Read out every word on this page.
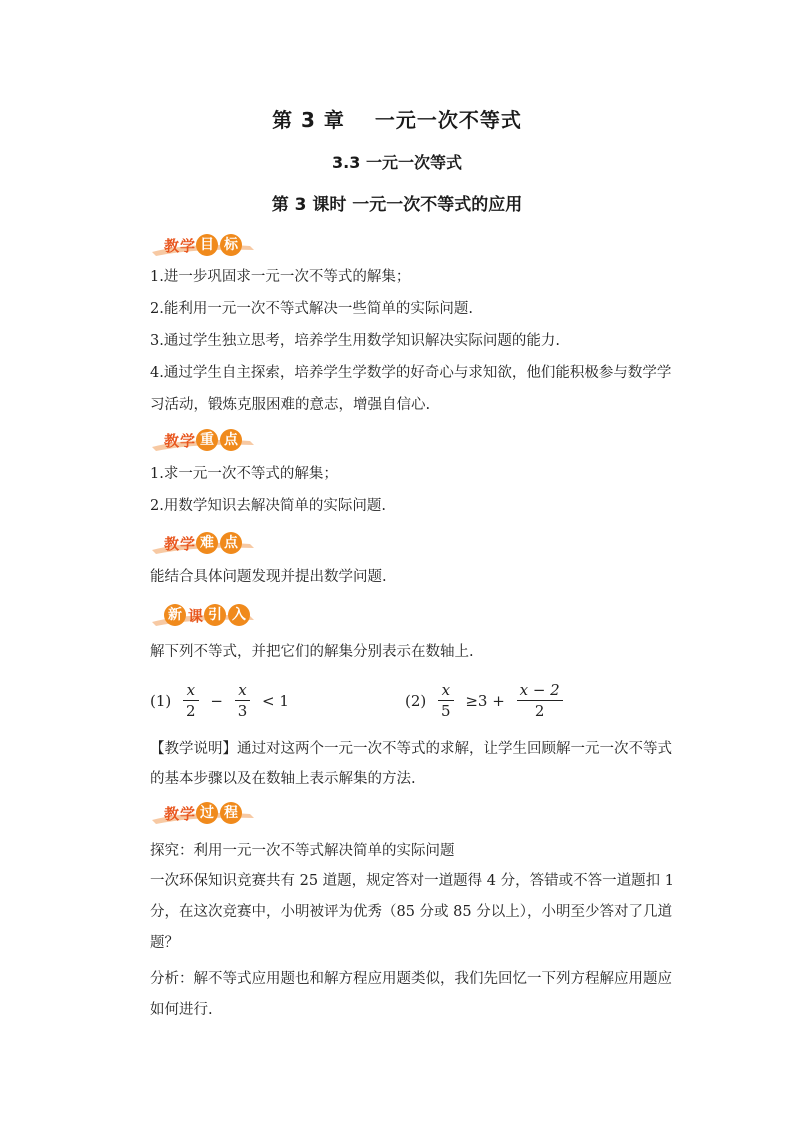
第 3 章 一元一次不等式
3.3 一元一次等式
第 3 课时 一元一次不等式的应用
教 学 目 标
1.进一步巩固求一元一次不等式的解集；
2.能利用一元一次不等式解决一些简单的实际问题.
3.通过学生独立思考，培养学生用数学知识解决实际问题的能力.
4.通过学生自主探索，培养学生学数学的好奇心与求知欲，他们能积极参与数学学习活动，锻炼克服困难的意志，增强自信心.
教 学 重 点
1.求一元一次不等式的解集；
2.用数学知识去解决简单的实际问题.
教 学 难 点
能结合具体问题发现并提出数学问题.
新 课 引 入
解下列不等式，并把它们的解集分别表示在数轴上.
$(1) \frac{x}{2} - \frac{x}{3} < 1$	$(2) \frac{x}{5} \ge 3 + \frac{x - 2}{2}$
【教学说明】通过对这两个一元一次不等式的求解，让学生回顾解一元一次不等式的基本步骤以及在数轴上表示解集的方法.
教 学 过 程
探究：利用一元一次不等式解决简单的实际问题
一次环保知识竞赛共有 25 道题，规定答对一道题得 4 分，答错或不答一道题扣 1 分，在这次竞赛中，小明被评为优秀（85 分或 85 分以上），小明至少答对了几道题？
分析：解不等式应用题也和解方程应用题类似，我们先回忆一下列方程解应用题应如何进行.
